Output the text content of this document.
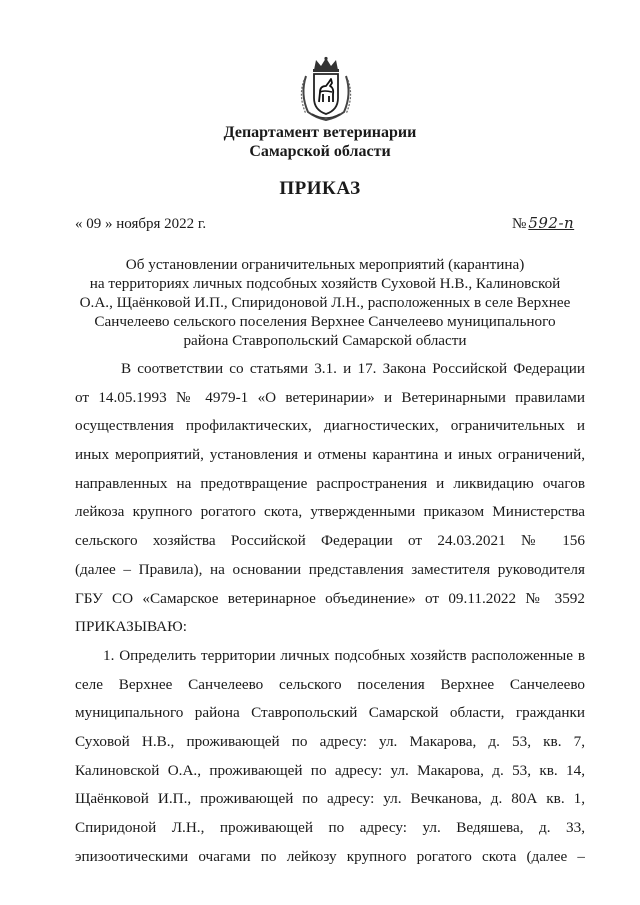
Департамент ветеринарии
Самарской области
ПРИКАЗ
« 09 » ноября 2022 г.	№ 592-п
Об установлении ограничительных мероприятий (карантина)
на территориях личных подсобных хозяйств Суховой Н.В., Калиновской
О.А., Щаёнковой И.П., Спиридоновой Л.Н., расположенных в селе Верхнее
Санчелеево сельского поселения Верхнее Санчелеево муниципального
района Ставропольский Самарской области
В соответствии со статьями 3.1. и 17. Закона Российской Федерации
от 14.05.1993 № 4979-1 «О ветеринарии» и Ветеринарными правилами
осуществления профилактических, диагностических, ограничительных и
иных мероприятий, установления и отмены карантина и иных ограничений,
направленных на предотвращение распространения и ликвидацию очагов
лейкоза крупного рогатого скота, утвержденными приказом Министерства
сельского хозяйства Российской Федерации от 24.03.2021 № 156
(далее – Правила), на основании представления заместителя руководителя
ГБУ СО «Самарское ветеринарное объединение» от 09.11.2022 № 3592
ПРИКАЗЫВАЮ:
1. Определить территории личных подсобных хозяйств расположенные в
селе Верхнее Санчелеево сельского поселения Верхнее Санчелеево
муниципального района Ставропольский Самарской области, гражданки
Суховой Н.В., проживающей по адресу: ул. Макарова, д. 53, кв. 7,
Калиновской О.А., проживающей по адресу: ул. Макарова, д. 53, кв. 14,
Щаёнковой И.П., проживающей по адресу: ул. Вечканова, д. 80А кв. 1,
Спиридоной Л.Н., проживающей по адресу: ул. Ведяшева, д. 33,
эпизоотическими очагами по лейкозу крупного рогатого скота (далее –
